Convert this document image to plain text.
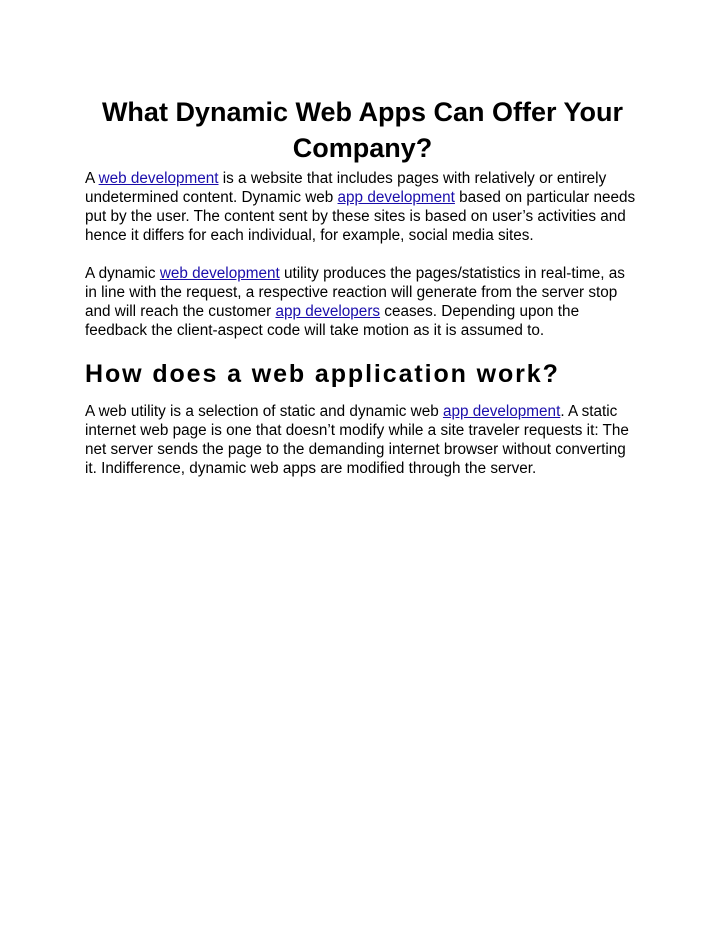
What Dynamic Web Apps Can Offer Your Company?

A web development is a website that includes pages with relatively or entirely undetermined content. Dynamic web app development based on particular needs put by the user. The content sent by these sites is based on user’s activities and hence it differs for each individual, for example, social media sites.

A dynamic web development utility produces the pages/statistics in real-time, as in line with the request, a respective reaction will generate from the server stop and will reach the customer app developers ceases. Depending upon the feedback the client-aspect code will take motion as it is assumed to.

How does a web application work?

A web utility is a selection of static and dynamic web app development. A static internet web page is one that doesn’t modify while a site traveler requests it: The net server sends the page to the demanding internet browser without converting it. Indifference, dynamic web apps are modified through the server.
